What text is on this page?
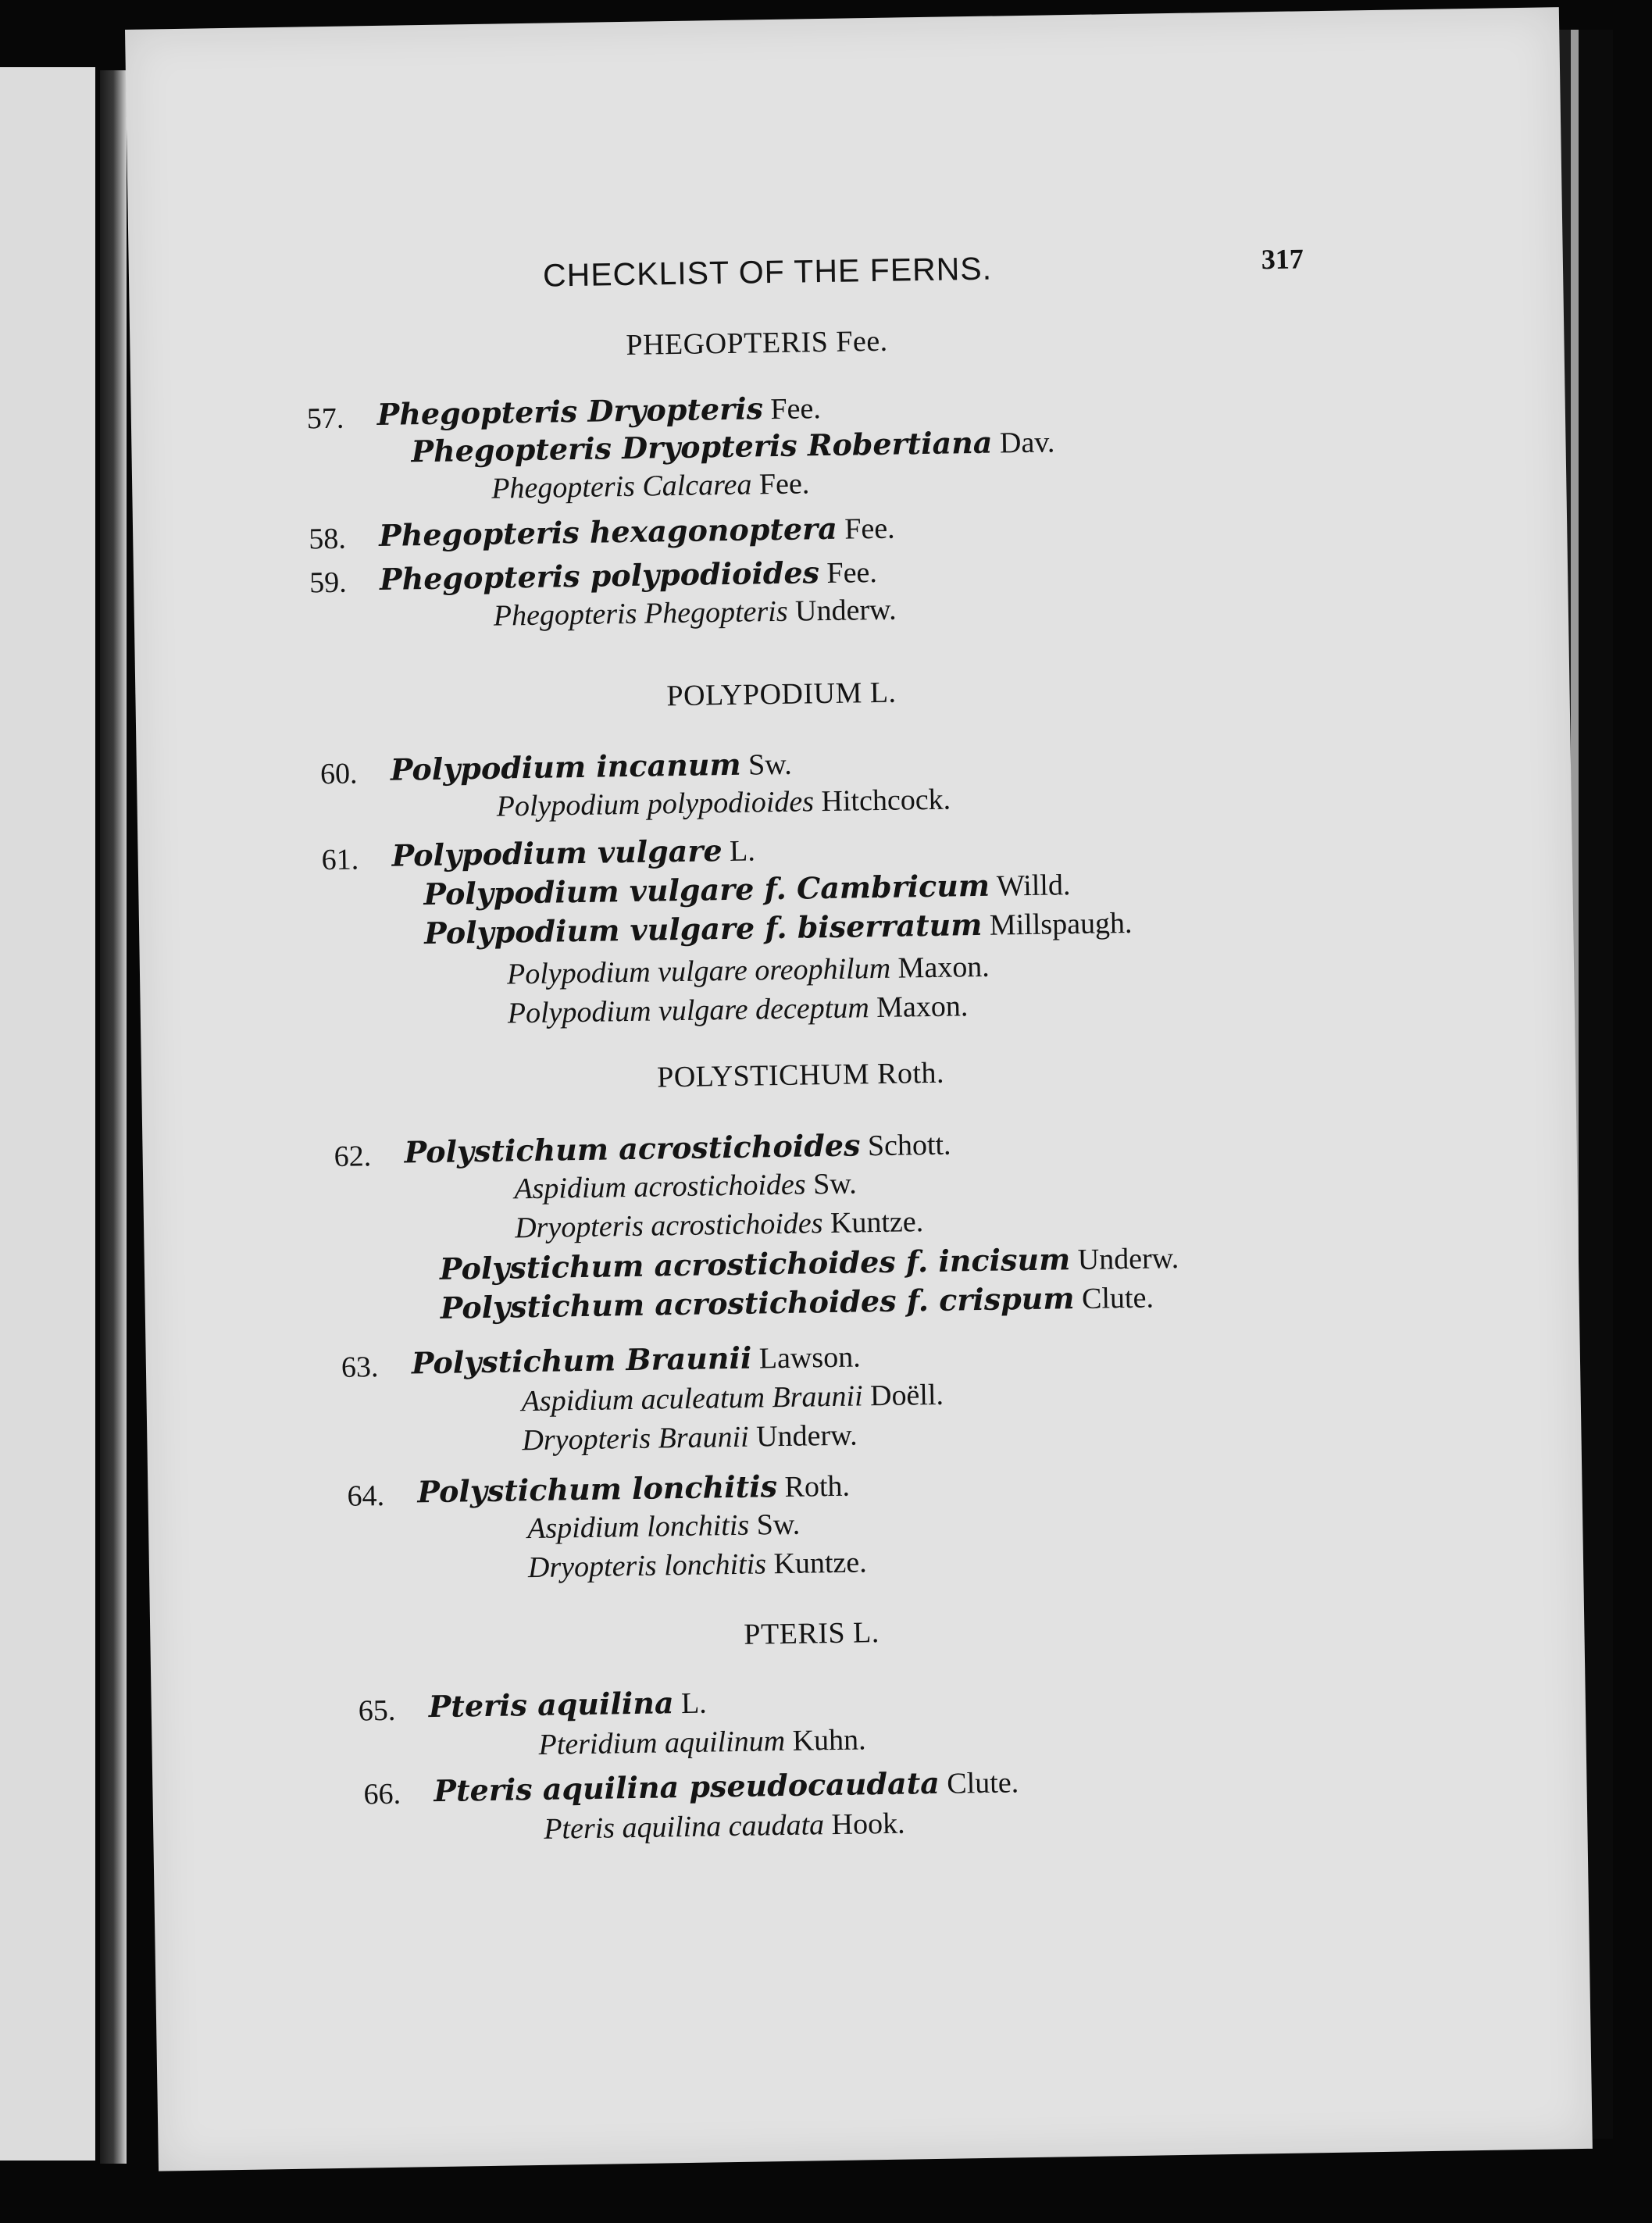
CHECKLIST OF THE FERNS.	317
PHEGOPTERIS Fee.
57. Phegopteris Dryopteris Fee.
Phegopteris Dryopteris Robertiana Dav.
Phegopteris Calcarea Fee.
58. Phegopteris hexagonoptera Fee.
59. Phegopteris polypodioides Fee.
Phegopteris Phegopteris Underw.
POLYPODIUM L.
60. Polypodium incanum Sw.
Polypodium polypodioides Hitchcock.
61. Polypodium vulgare L.
Polypodium vulgare f. Cambricum Willd.
Polypodium vulgare f. biserratum Millspaugh.
Polypodium vulgare oreophilum Maxon.
Polypodium vulgare deceptum Maxon.
POLYSTICHUM Roth.
62. Polystichum acrostichoides Schott.
Aspidium acrostichoides Sw.
Dryopteris acrostichoides Kuntze.
Polystichum acrostichoides f. incisum Underw.
Polystichum acrostichoides f. crispum Clute.
63. Polystichum Braunii Lawson.
Aspidium aculeatum Braunii Doëll.
Dryopteris Braunii Underw.
64. Polystichum lonchitis Roth.
Aspidium lonchitis Sw.
Dryopteris lonchitis Kuntze.
PTERIS L.
65. Pteris aquilina L.
Pteridium aquilinum Kuhn.
66. Pteris aquilina pseudocaudata Clute.
Pteris aquilina caudata Hook.
